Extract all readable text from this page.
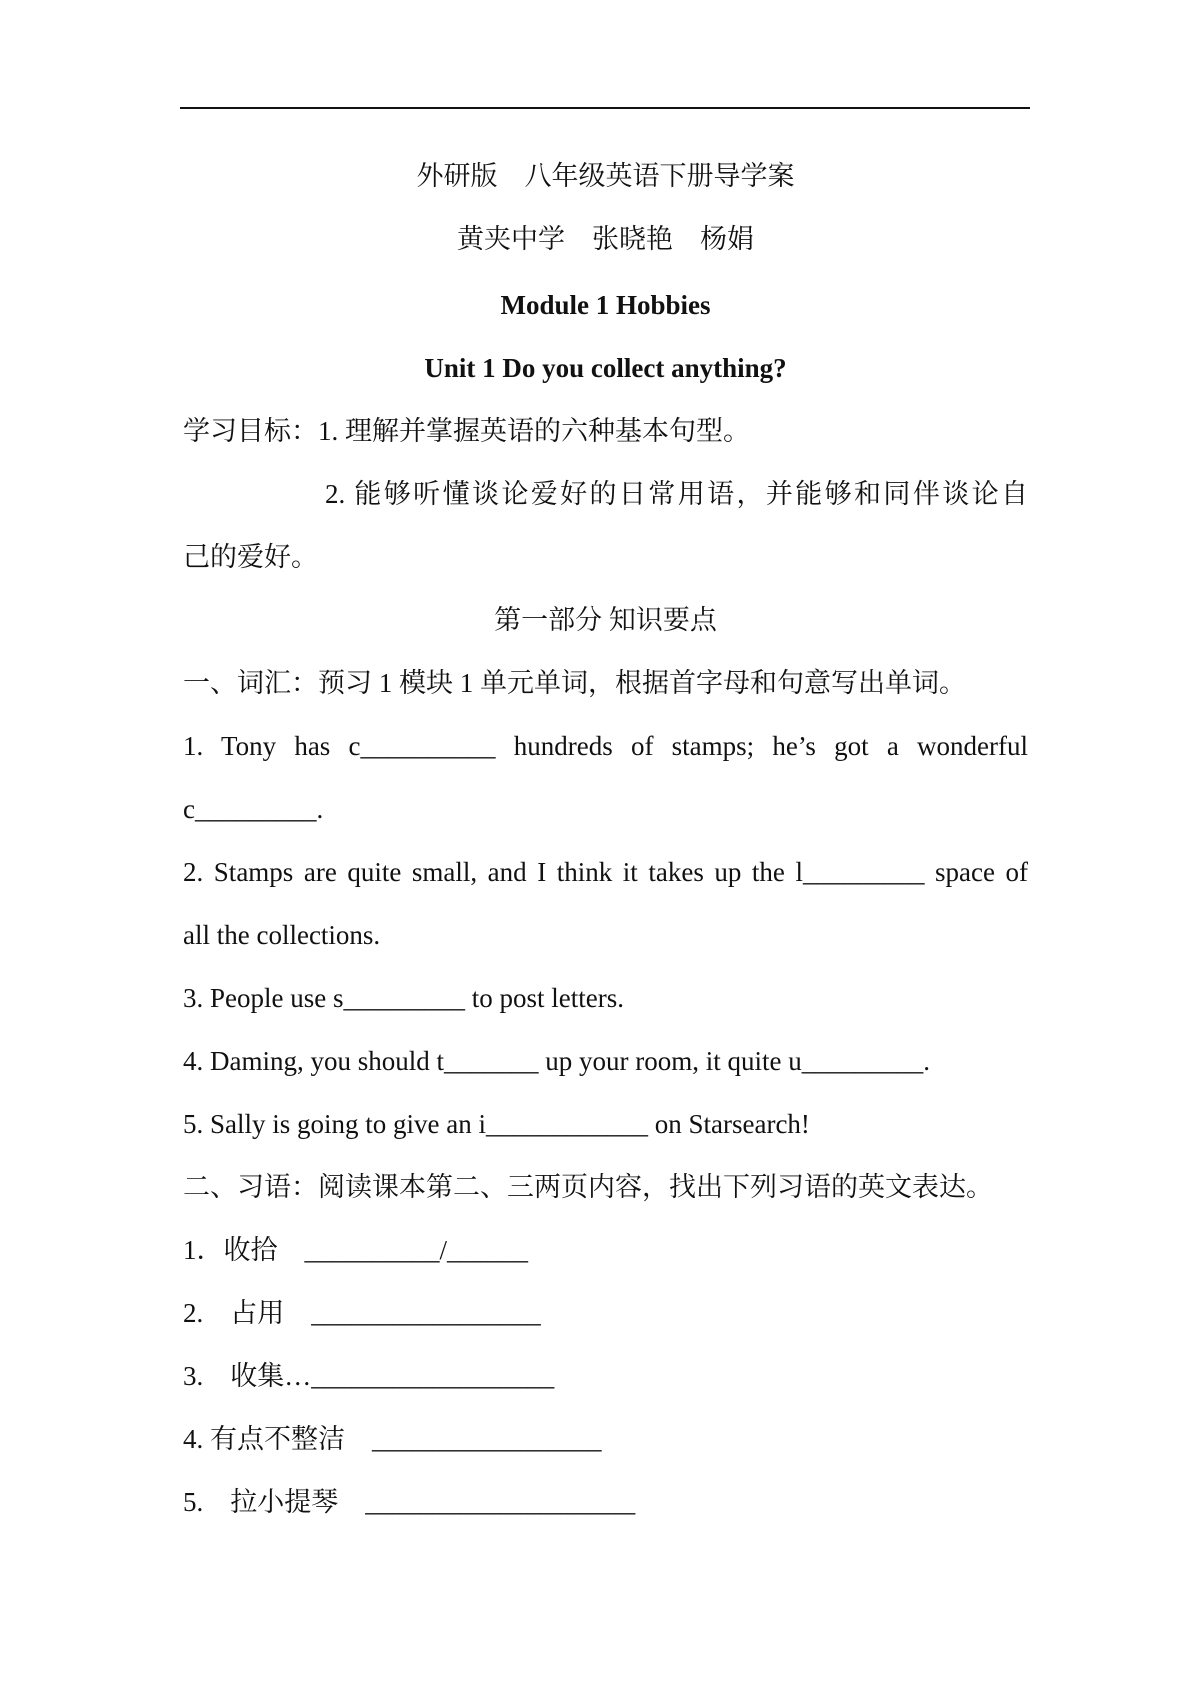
外研版　八年级英语下册导学案
黄夹中学　张晓艳　杨娟
Module 1 Hobbies
Unit 1 Do you collect anything?
学习目标：1. 理解并掌握英语的六种基本句型。
2. 能够听懂谈论爱好的日常用语，并能够和同伴谈论自
己的爱好。
第一部分 知识要点
一、词汇：预习 1 模块 1 单元单词，根据首字母和句意写出单词。
1. Tony has c__________ hundreds of stamps; he’s got a wonderful
c_________.
2. Stamps are quite small, and I think it takes up the l_________ space of
all the collections.
3. People use s_________ to post letters.
4. Daming, you should t_______ up your room, it quite u_________.
5. Sally is going to give an i____________ on Starsearch!
二、习语：阅读课本第二、三两页内容，找出下列习语的英文表达。
1．收拾　__________/______
2.　占用　_________________
3.　收集…__________________
4. 有点不整洁　_________________
5.　拉小提琴　____________________
